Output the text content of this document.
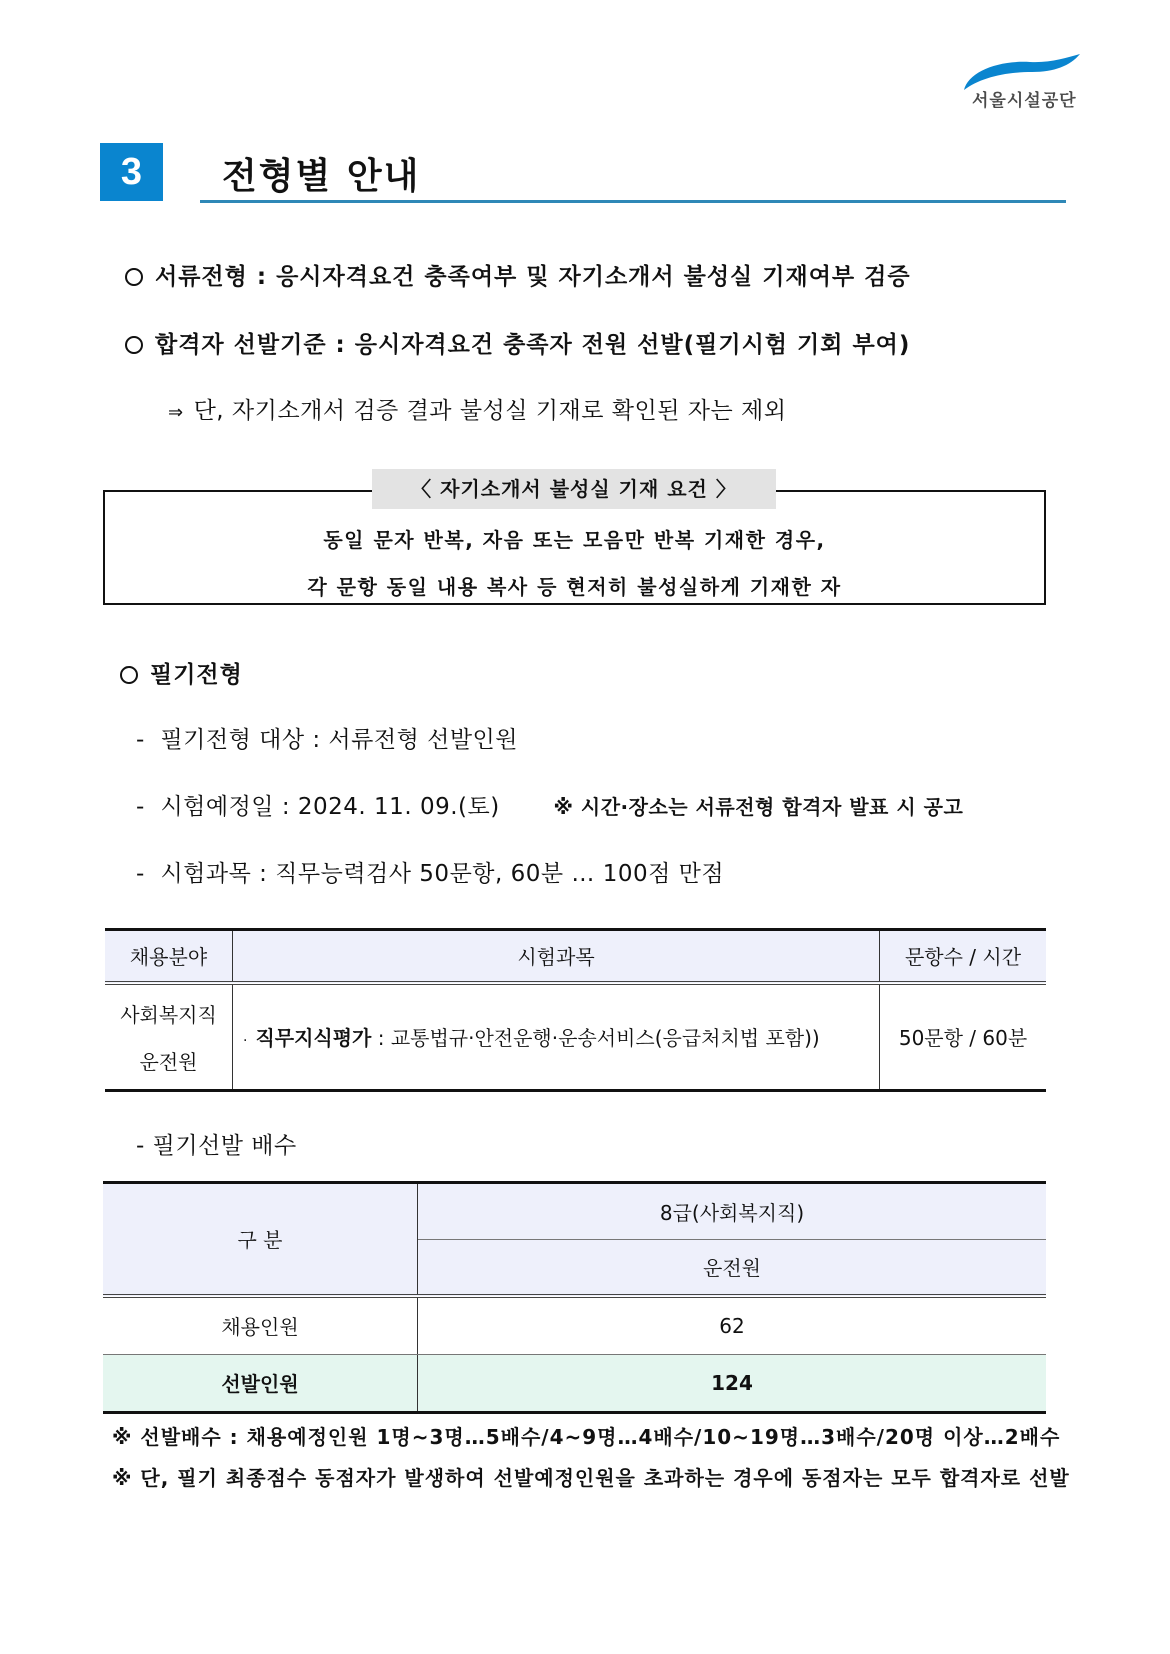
서울시설공단
3	전형별 안내
서류전형 : 응시자격요건 충족여부 및 자기소개서 불성실 기재여부 검증
합격자 선발기준 : 응시자격요건 충족자 전원 선발(필기시험 기회 부여)
⇒ 단, 자기소개서 검증 결과 불성실 기재로 확인된 자는 제외
동일 문자 반복, 자음 또는 모음만 반복 기재한 경우,
각 문항 동일 내용 복사 등 현저히 불성실하게 기재한 자
〈 자기소개서 불성실 기재 요건 〉
필기전형
- 필기전형 대상 : 서류전형 선발인원
- 시험예정일 : 2024. 11. 09.(토)	※ 시간·장소는 서류전형 합격자 발표 시 공고
- 시험과목 : 직무능력검사 50문항, 60분 … 100점 만점
채용분야	시험과목	문항수 / 시간

사회복지직
운전원	· 직무지식평가 : 교통법규·안전운행·운송서비스(응급처치법 포함))	50문항 / 60분
- 필기선발 배수
구 분	8급(사회복지직)
	운전원
채용인원	62
선발인원	124
※ 선발배수 : 채용예정인원 1명~3명…5배수/4~9명…4배수/10~19명…3배수/20명 이상…2배수
※ 단, 필기 최종점수 동점자가 발생하여 선발예정인원을 초과하는 경우에 동점자는 모두 합격자로 선발
